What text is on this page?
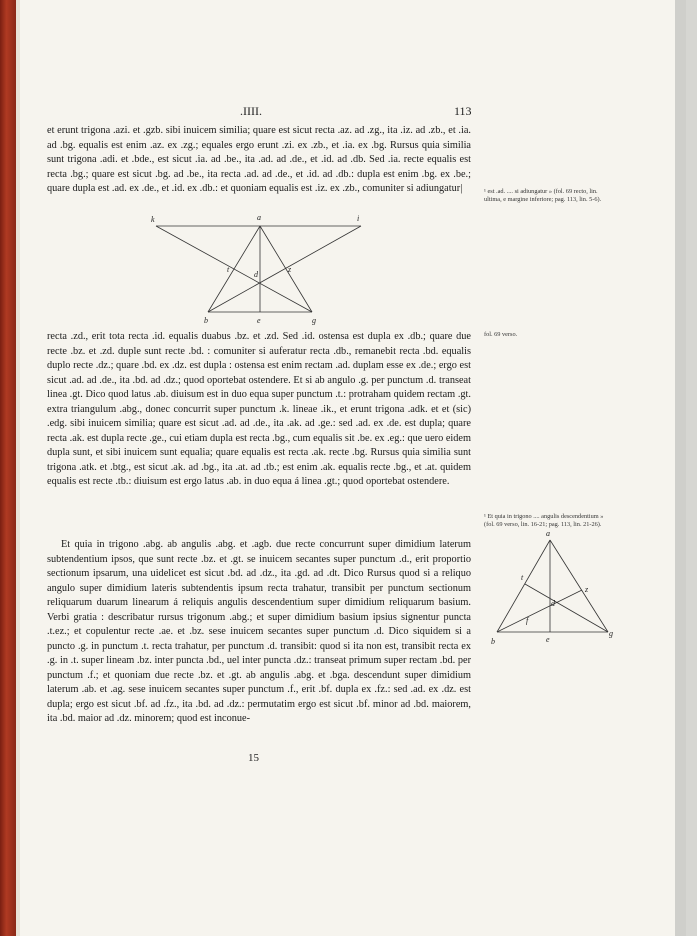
.IIII.	113

et erunt trigona .azi. et .gzb. sibi inuicem similia; quare est sicut recta .az. ad .zg., ita .iz. ad .zb., et .ia. ad .bg. equalis est enim .az. ex .zg.; equales ergo erunt .zi. ex .zb., et .ia. ex .bg. Rursus quia similia sunt trigona .adi. et .bde., est sicut .ia. ad .be., ita .ad. ad .de., et .id. ad .db. Sed .ia. recte equalis est recta .bg.; quare est sicut .bg. ad .be., ita recta .ad. ad .de., et .id. ad .db.: dupla est enim .bg. ex .be.; quare dupla est .ad. ex .de., et .id. ex .db.: et quoniam equalis est .iz. ex .zb., comuniter si adiungatur|

k	a	i
t	z
d
b	e	g

recta .zd., erit tota recta .id. equalis duabus .bz. et .zd. Sed .id. ostensa est dupla ex .db.; quare due recte .bz. et .zd. duple sunt recte .bd. : comuniter si auferatur recta .db., remanebit recta .bd. equalis duplo recte .dz.; quare .bd. ex .dz. est dupla : ostensa est enim rectam .ad. duplam esse ex .de.; ergo est sicut .ad. ad .de., ita .bd. ad .dz.; quod oportebat ostendere. Et si ab angulo .g. per punctum .d. transeat linea .gt. Dico quod latus .ab. diuisum est in duo equa super punctum .t.: protraham quidem rectam .gt. extra triangulum .abg., donec concurrit super punctum .k. lineae .ik., et erunt trigona .adk. et et (sic) .edg. sibi inuicem similia; quare est sicut .ad. ad .de., ita .ak. ad .ge.: sed .ad. ex .de. est dupla; quare recta .ak. est dupla recte .ge., cui etiam dupla est recta .bg., cum equalis sit .be. ex .eg.: que uero eidem dupla sunt, et sibi inuicem sunt equalia; quare equalis est recta .ak. recte .bg. Rursus quia similia sunt trigona .atk. et .btg., est sicut .ak. ad .bg., ita .at. ad .tb.; est enim .ak. equalis recte .bg., et .at. quidem equalis est recte .tb.: diuisum est ergo latus .ab. in duo equa á linea .gt.; quod oportebat ostendere.

Et quia in trigono .abg. ab angulis .abg. et .agb. due recte concurrunt super dimidium laterum subtendentium ipsos, que sunt recte .bz. et .gt. se inuicem secantes super punctum .d., erit proportio sectionum ipsarum, una uidelicet est sicut .bd. ad .dz., ita .gd. ad .dt. Dico Rursus quod si a reliquo angulo super dimidium lateris subtendentis ipsum recta trahatur, transibit per punctum sectionum reliquarum duarum linearum á reliquis angulis descendentium super dimidium reliquarum basium. Verbi gratia : describatur rursus trigonum .abg.; et super dimidium basium ipsius signentur puncta .t.ez.; et copulentur recte .ae. et .bz. sese inuicem secantes super punctum .d. Dico siquidem si a puncto .g. in punctum .t. recta trahatur, per punctum .d. transibit: quod si ita non est, transibit recta ex .g. in .t. super lineam .bz. inter puncta .bd., uel inter puncta .dz.: transeat primum super rectam .bd. per punctum .f.; et quoniam due recte .bz. et .gt. ab angulis .abg. et .bga. descendunt super dimidium laterum .ab. et .ag. sese inuicem secantes super punctum .f., erit .bf. dupla ex .fz.: sed .ad. ex .dz. est dupla; ergo est sicut .bf. ad .fz., ita .bd. ad .dz.: permutatim ergo est sicut .bf. minor ad .bd. maiorem, ita .bd. maior ad .dz. minorem; quod est inconue-

a
t
z
d
f
b	e
g
¹ est .ad. .... si adiungatur » (fol. 69 recto, lin. ultima, e margine inferiore; pag. 113, lin. 5-6).
fol. 69 verso.
¹ Et quia in trigono .... angulis descendentium » (fol. 69 verso, lin. 16-21; pag. 113, lin. 21-26).
15
